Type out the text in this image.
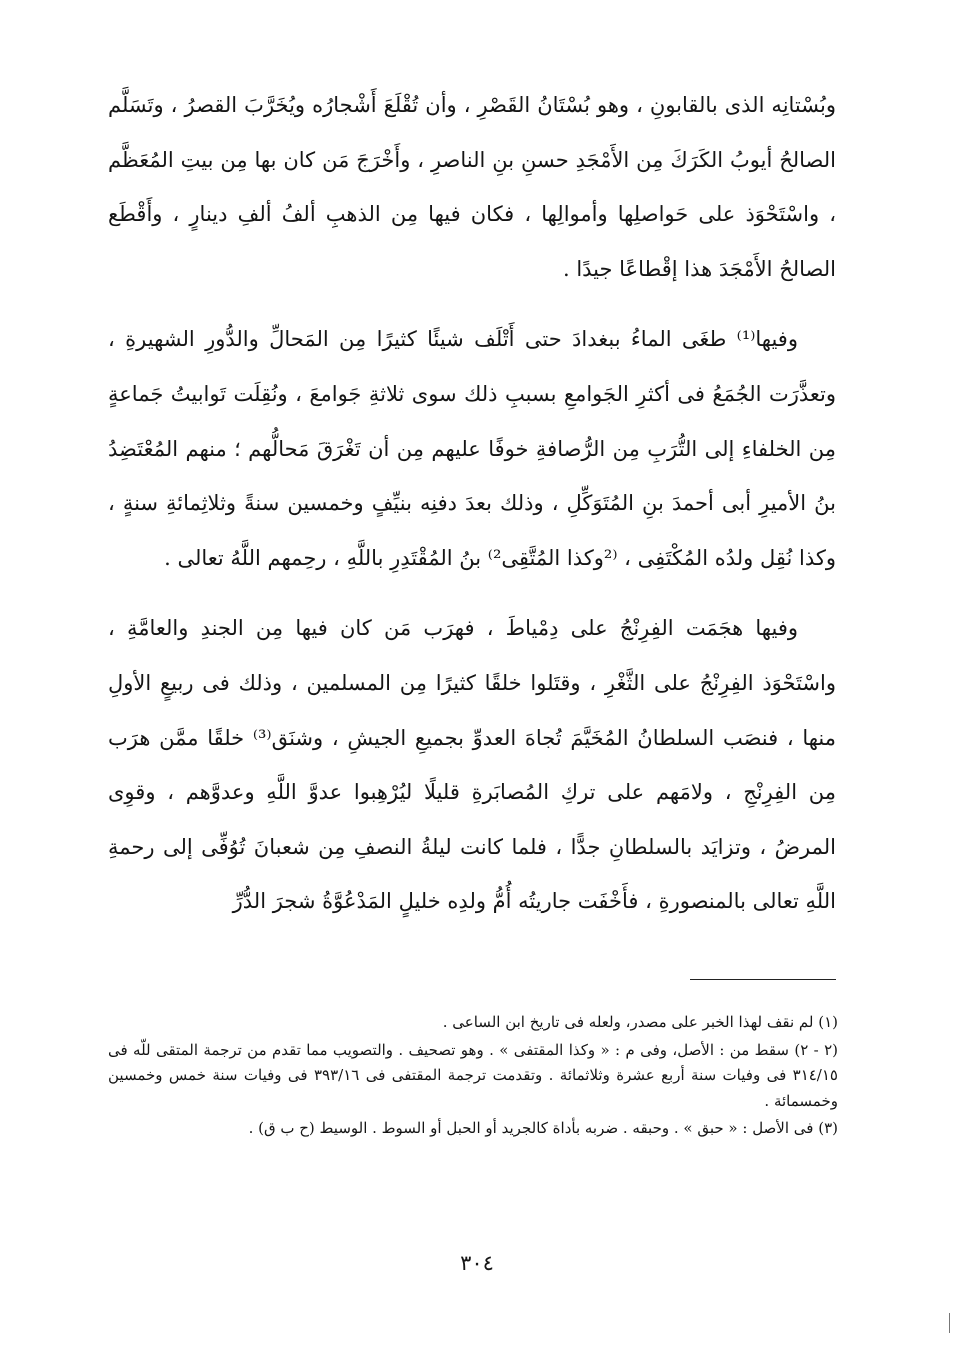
وبُسْتانِه الذى بالقابونِ ، وهو بُسْتَانُ القَصْرِ ، وأن تُقْلَعَ أَشْجارُه ويُخَرَّبَ القصرُ ، وتَسَلَّم الصالحُ أيوبُ الكَرَكَ مِن الأَمْجَدِ حسنِ بنِ الناصرِ ، وأَخْرَجَ مَن كان بها مِن بيتِ المُعَظَّم ، واسْتَحْوَذ على حَواصلِها وأموالِها ، فكان فيها مِن الذهبِ ألفُ ألفِ دينارٍ ، وأَقْطَع الصالحُ الأَمْجَدَ هذا إقْطاعًا جيدًا .

وفيها⁽¹⁾ طغَى الماءُ ببغدادَ حتى أَتْلَف شيئًا كثيرًا مِن المَحالِّ والدُّورِ الشهيرةِ ، وتعذَّرَت الجُمَعُ فى أكثرِ الجَوامعِ بسببِ ذلك سوى ثلاثةِ جَوامعَ ، ونُقِلَت تَوابيتُ جَماعةٍ مِن الخلفاءِ إلى التُّرَبِ مِن الرُّصافةِ خوفًا عليهم مِن أن تَغْرَقَ مَحالُّهم ؛ منهم المُعْتَضِدُ بنُ الأميرِ أبى أحمدَ بنِ المُتَوَكِّلِ ، وذلك بعدَ دفنِه بنيِّفٍ وخمسين سنةً وثلاثِمائةِ سنةٍ ، وكذا نُقِل ولدُه المُكْتَفِى ، ⁽²وكذا المُتَّقِى²⁾ بنُ المُقْتَدِرِ باللَّهِ ، رحِمهم اللَّهُ تعالى .

وفيها هجَمَت الفِرِنْجُ على دِمْياطَ ، فهرَب مَن كان فيها مِن الجندِ والعامَّةِ ، واسْتَحْوَذ الفِرِنْجُ على الثَّغْرِ ، وقتَلوا خلقًا كثيرًا مِن المسلمين ، وذلك فى ربيعٍ الأولِ منها ، فنصَب السلطانُ المُخَيَّمَ تُجاهَ العدوِّ بجميعِ الجيشِ ، وشنَق⁽³⁾ خلقًا ممَّن هرَب مِن الفِرِنْجِ ، ولامَهم على تركِ المُصابَرةِ قليلًا ليُرْهِبوا عدوَّ اللَّهِ وعدوَّهم ، وقوِى المرضُ ، وتزايَد بالسلطانِ جدًّا ، فلما كانت ليلةُ النصفِ مِن شعبانَ تُوُفِّى إلى رحمةِ اللَّهِ تعالى بالمنصورةِ ، فأَخْفَت جاريتُه أُمُّ ولدِه خليلٍ المَدْعُوَّةُ شجرَ الدُّرِّ

(١) لم نقف لهذا الخبر على مصدر، ولعله فى تاريخ ابن الساعى .

(٢ - ٢) سقط من : الأصل، وفى م : « وكذا المقتفى » . وهو تصحيف . والتصويب مما تقدم من ترجمة المتقى للّه فى ٣١٤/١٥ فى وفيات سنة أربع عشرة وثلاثمائة . وتقدمت ترجمة المقتفى فى ٣٩٣/١٦ فى وفيات سنة خمس وخمسين وخمسمائة .

(٣) فى الأصل : « حبق » . وحبقه . ضربه بأداة كالجريد أو الحبل أو السوط . الوسيط (ح ب ق) .

٣٠٤
